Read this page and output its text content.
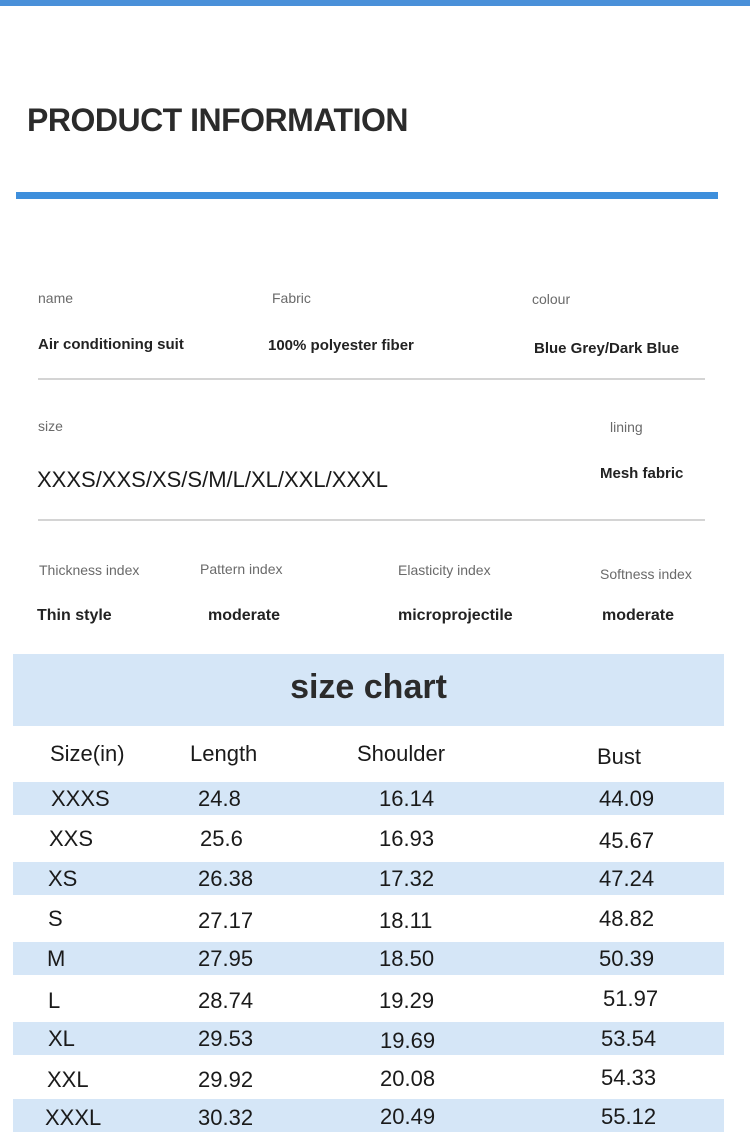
PRODUCT INFORMATION
name
Air conditioning suit
Fabric
100% polyester fiber
colour
Blue Grey/Dark Blue
size
XXXS/XXS/XS/S/M/L/XL/XXL/XXXL
lining
Mesh fabric
Thickness index
Thin style
Pattern index
moderate
Elasticity index
microprojectile
Softness index
moderate
size chart
Size(in)	Length	Shoulder	Bust
XXXS	24.8	16.14	44.09
XXS	25.6	16.93	45.67
XS	26.38	17.32	47.24
S	27.17	18.11	48.82
M	27.95	18.50	50.39
L	28.74	19.29	51.97
XL	29.53	19.69	53.54
XXL	29.92	20.08	54.33
XXXL	30.32	20.49	55.12
